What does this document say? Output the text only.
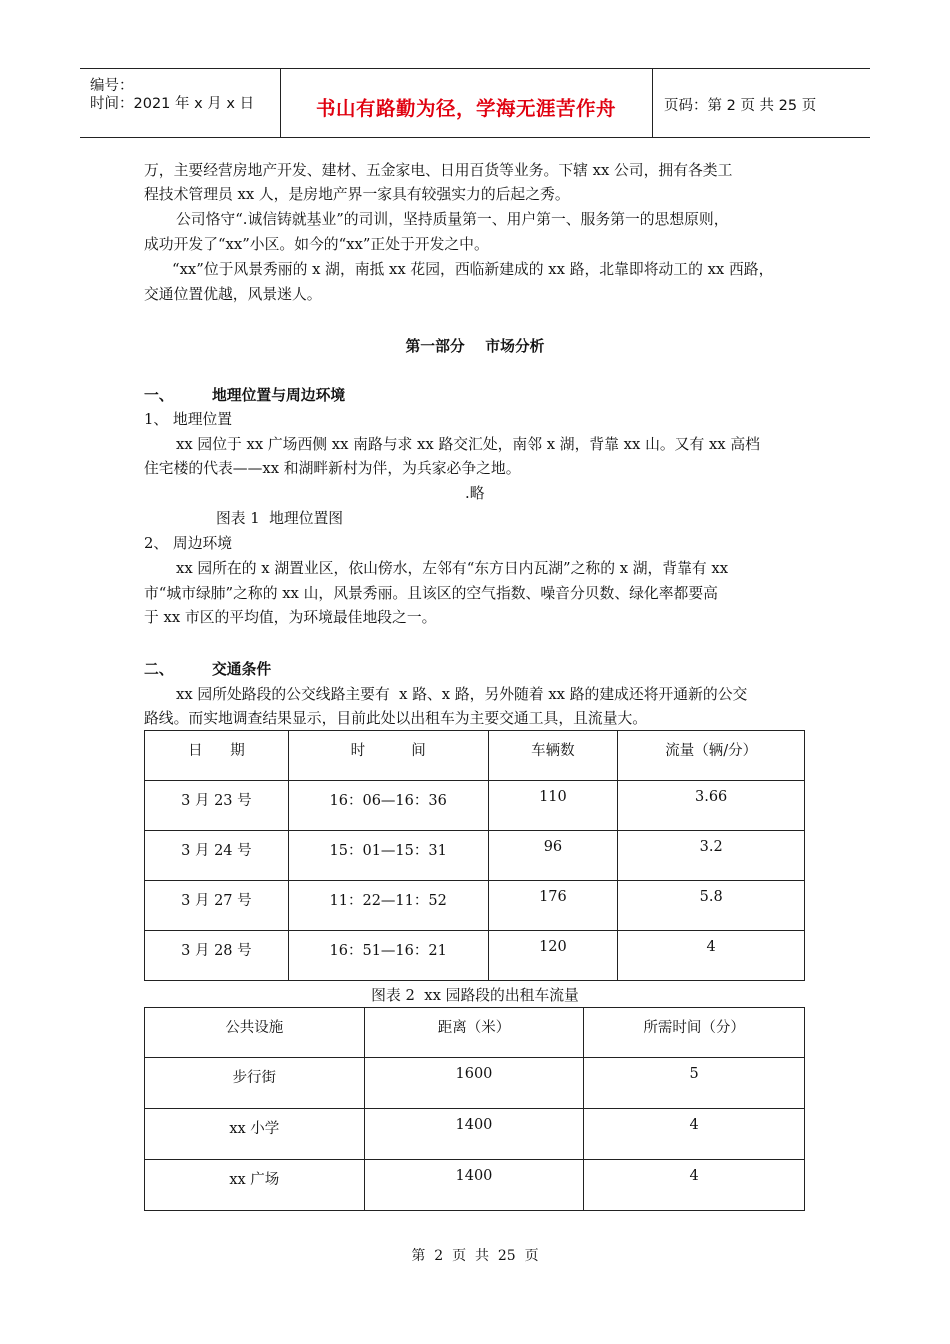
编号：
时间：2021 年 x 月 x 日	书山有路勤为径，学海无涯苦作舟	页码：第 2 页 共 25 页
万，主要经营房地产开发、建材、五金家电、日用百货等业务。下辖 xx 公司，拥有各类工
程技术管理员 xx 人，是房地产界一家具有较强实力的后起之秀。
公司恪守“.诚信铸就基业”的司训，坚持质量第一、用户第一、服务第一的思想原则，
成功开发了“xx”小区。如今的“xx”正处于开发之中。
“xx”位于风景秀丽的 x 湖，南抵 xx 花园，西临新建成的 xx 路，北靠即将动工的 xx 西路，
交通位置优越，风景迷人。
第一部分    市场分析
一、	地理位置与周边环境
1、 地理位置
xx 园位于 xx 广场西侧 xx 南路与求 xx 路交汇处，南邻 x 湖，背靠 xx 山。又有 xx 高档
住宅楼的代表——xx 和湖畔新村为伴，为兵家必争之地。
.略
图表 1  地理位置图
2、 周边环境
xx 园所在的 x 湖置业区，依山傍水，左邻有“东方日内瓦湖”之称的 x 湖，背靠有 xx
市“城市绿肺”之称的 xx 山，风景秀丽。且该区的空气指数、噪音分贝数、绿化率都要高
于 xx 市区的平均值，为环境最佳地段之一。
二、	交通条件
xx 园所处路段的公交线路主要有  x 路、x 路，另外随着 xx 路的建成还将开通新的公交
路线。而实地调查结果显示，目前此处以出租车为主要交通工具，且流量大。
日      期	时          间	车辆数	流量（辆/分）
3 月 23 号	16：06—16：36	110	3.66
3 月 24 号	15：01—15：31	96	3.2
3 月 27 号	11：22—11：52	176	5.8
3 月 28 号	16：51—16：21	120	4
图表 2  xx 园路段的出租车流量
公共设施	距离（米）	所需时间（分）
步行街	1600	5
xx 小学	1400	4
xx 广场	1400	4
第  2  页  共  25  页
